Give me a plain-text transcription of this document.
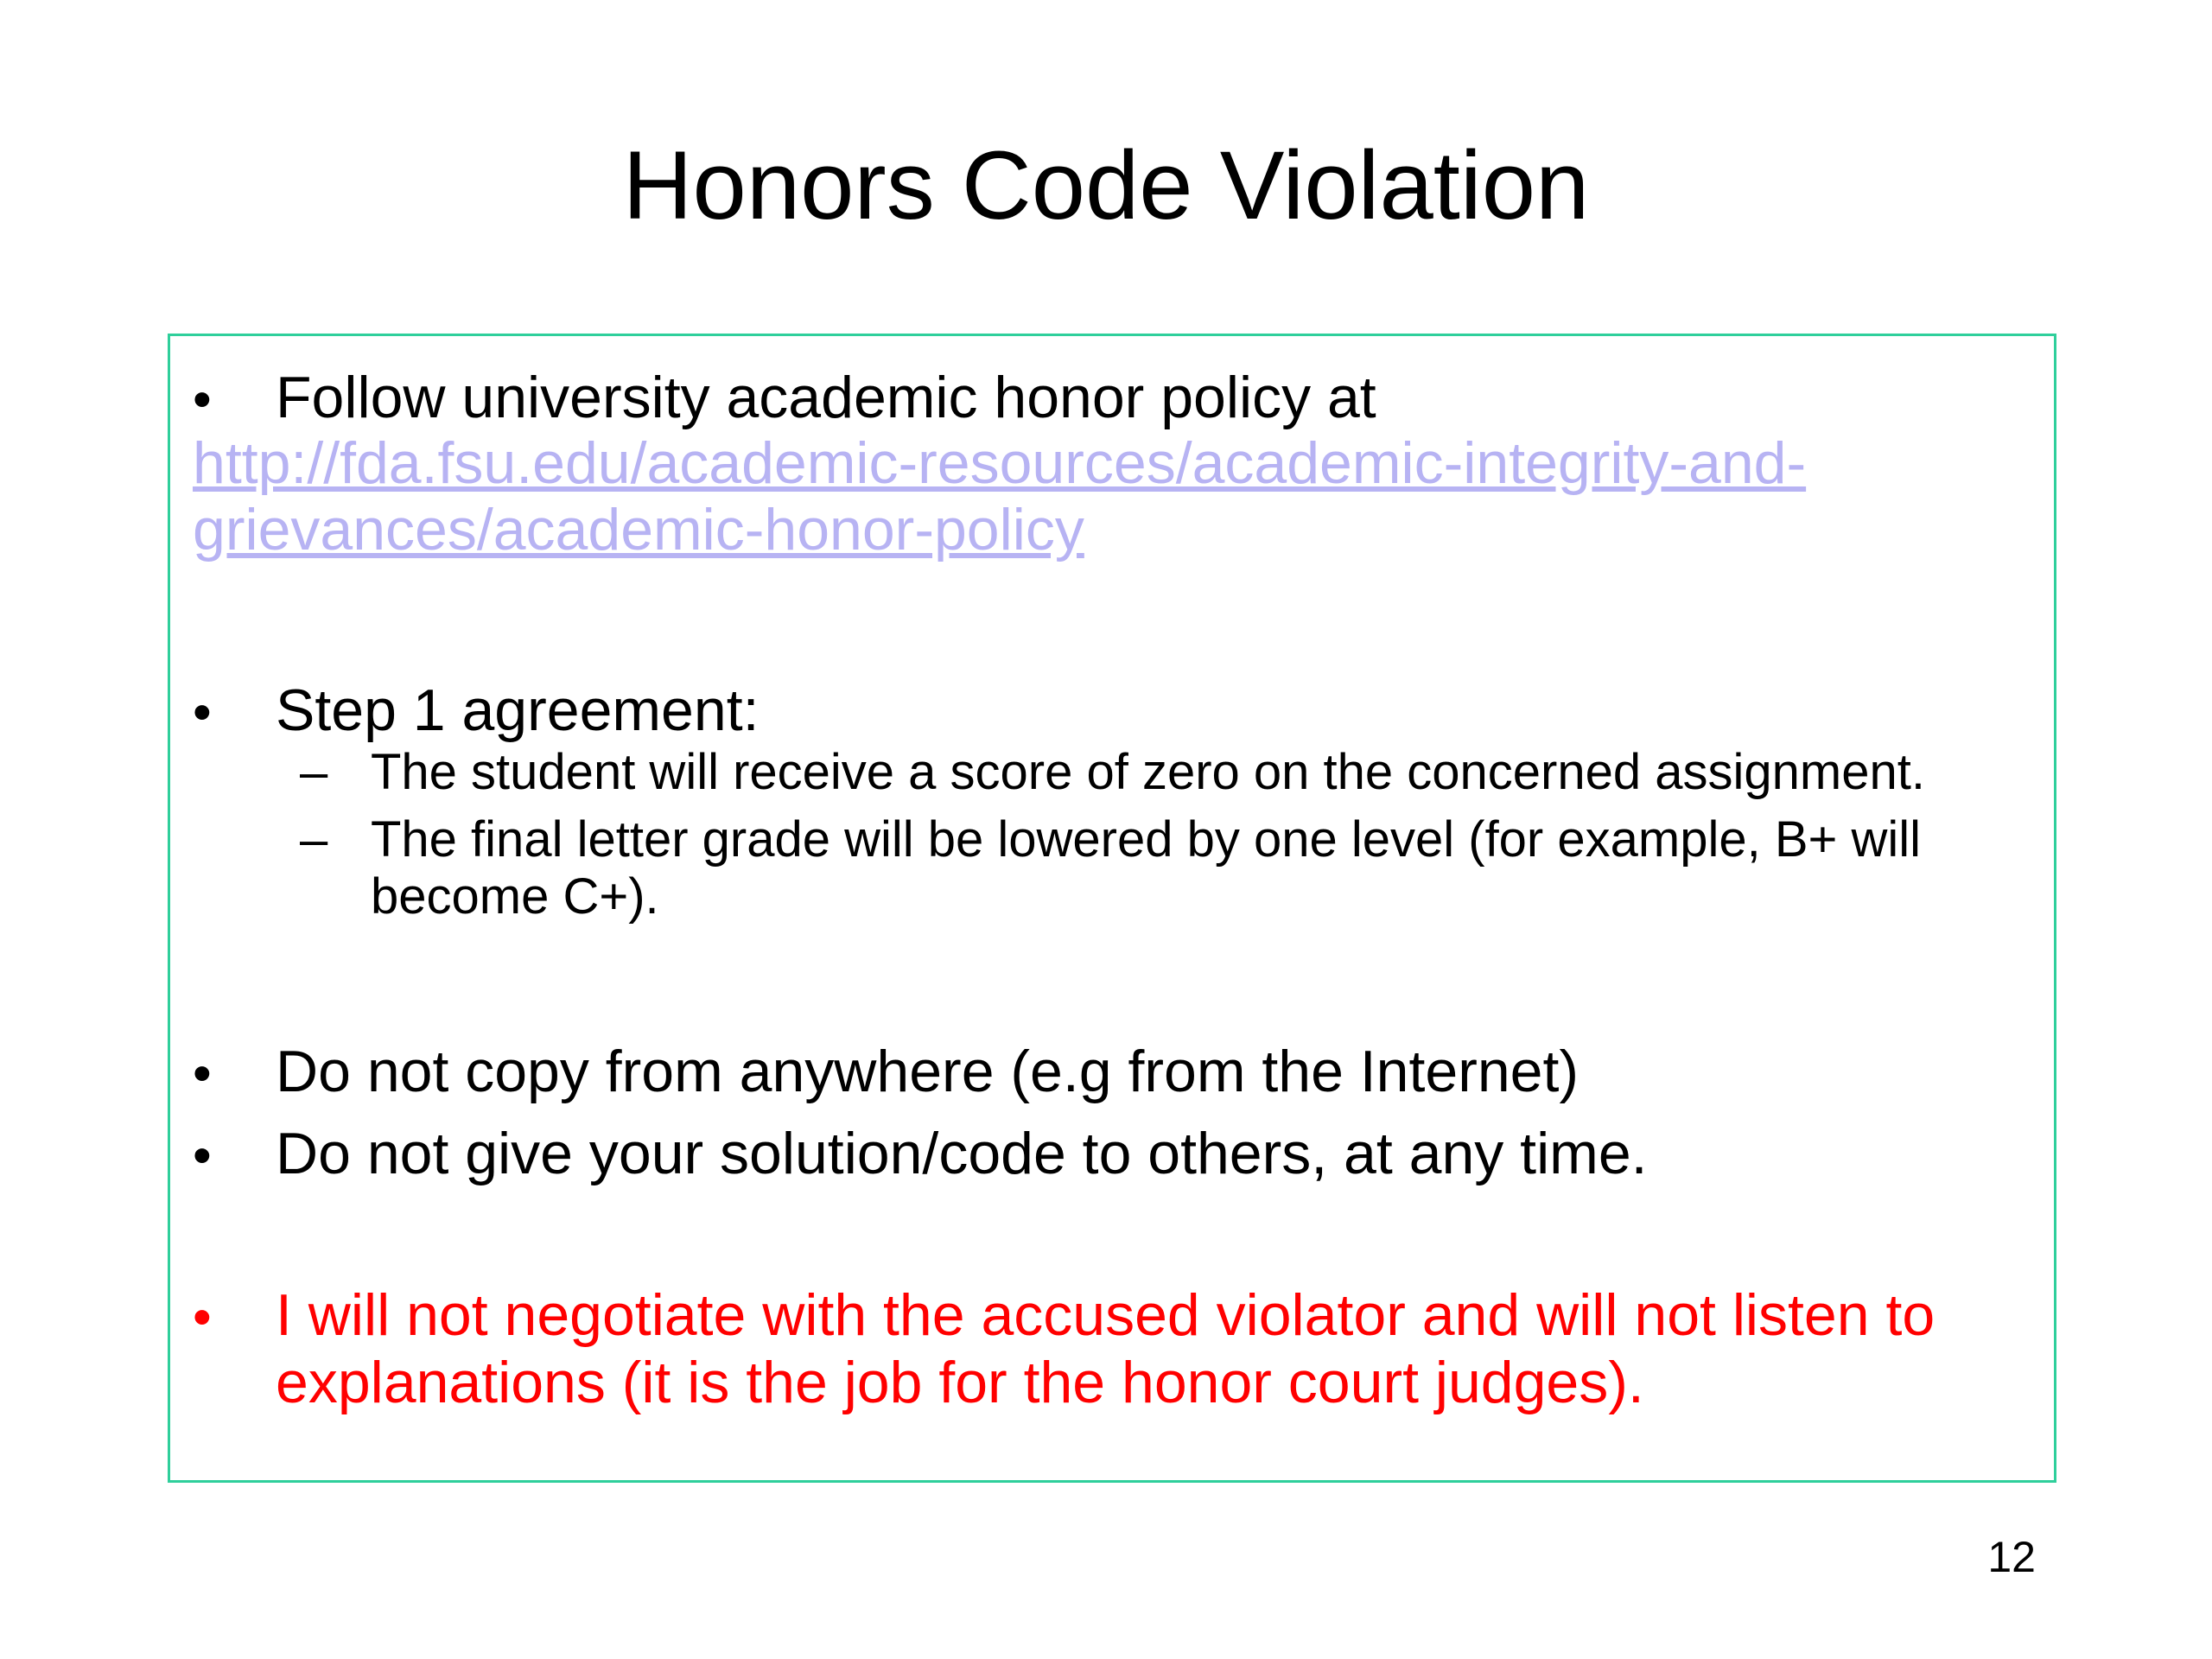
Honors Code Violation
• Follow university academic honor policy at
http://fda.fsu.edu/academic-resources/academic-integrity-and-
grievances/academic-honor-policy
• Step 1 agreement:
– The student will receive a score of zero on the concerned assignment.
– The final letter grade will be lowered by one level (for example, B+ will
become C+).
• Do not copy from anywhere (e.g from the Internet)
• Do not give your solution/code to others, at any time.
• I will not negotiate with the accused violator and will not listen to
explanations (it is the job for the honor court judges).
12
